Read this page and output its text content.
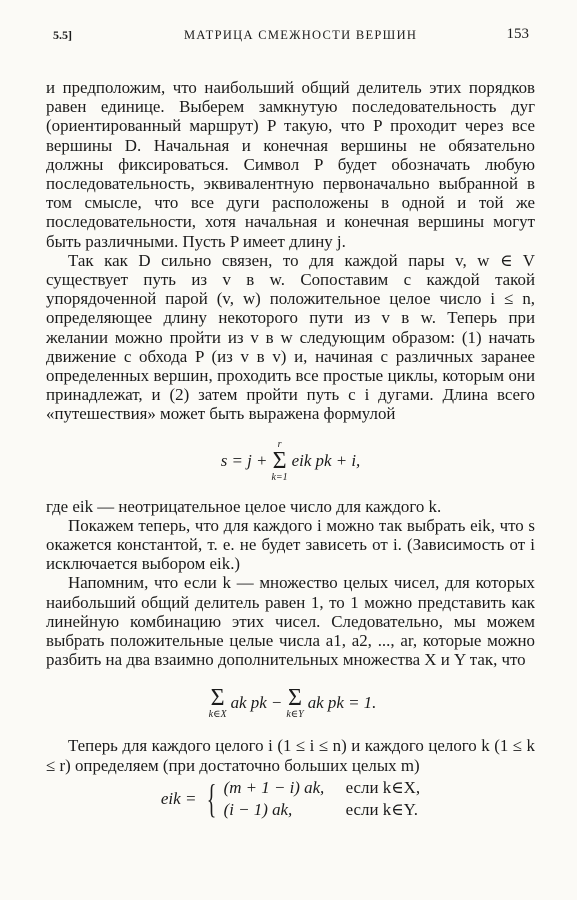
5.5]	МАТРИЦА СМЕЖНОСТИ ВЕРШИН	153

и предположим, что наибольший общий делитель этих порядков равен единице. Выберем замкнутую последовательность дуг (ориентированный маршрут) P такую, что P проходит через все вершины D. Начальная и конечная вершины не обязательно должны фиксироваться. Символ P будет обозначать любую последовательность, эквивалентную первоначально выбранной в том смысле, что все дуги расположены в одной и той же последовательности, хотя начальная и конечная вершины могут быть различными. Пусть P имеет длину j.

Так как D сильно связен, то для каждой пары v, w ∈ V существует путь из v в w. Сопоставим с каждой такой упорядоченной парой (v, w) положительное целое число i ≤ n, определяющее длину некоторого пути из v в w. Теперь при желании можно пройти из v в w следующим образом: (1) начать движение с обхода P (из v в v) и, начиная с различных заранее определенных вершин, проходить все простые циклы, которым они принадлежат, и (2) затем пройти путь с i дугами. Длина всего «путешествия» может быть выражена формулой

s = j +
r
Σ
k=1
eik pk + i,

где eik — неотрицательное целое число для каждого k.

Покажем теперь, что для каждого i можно так выбрать eik, что s окажется константой, т. е. не будет зависеть от i. (Зависимость от i исключается выбором eik.)

Напомним, что если k — множество целых чисел, для которых наибольший общий делитель равен 1, то 1 можно представить как линейную комбинацию этих чисел. Следовательно, мы можем выбрать положительные целые числа a1, a2, ..., ar, которые можно разбить на два взаимно дополнительных множества X и Y так, что

Σ
k∈X
ak pk − Σ
k∈Y
ak pk = 1.

Теперь для каждого целого i (1 ≤ i ≤ n) и каждого целого k (1 ≤ k ≤ r) определяем (при достаточно больших целых m)

eik = { (m + 1 − i) ak,	если k∈X,
(i − 1) ak,	если k∈Y.
